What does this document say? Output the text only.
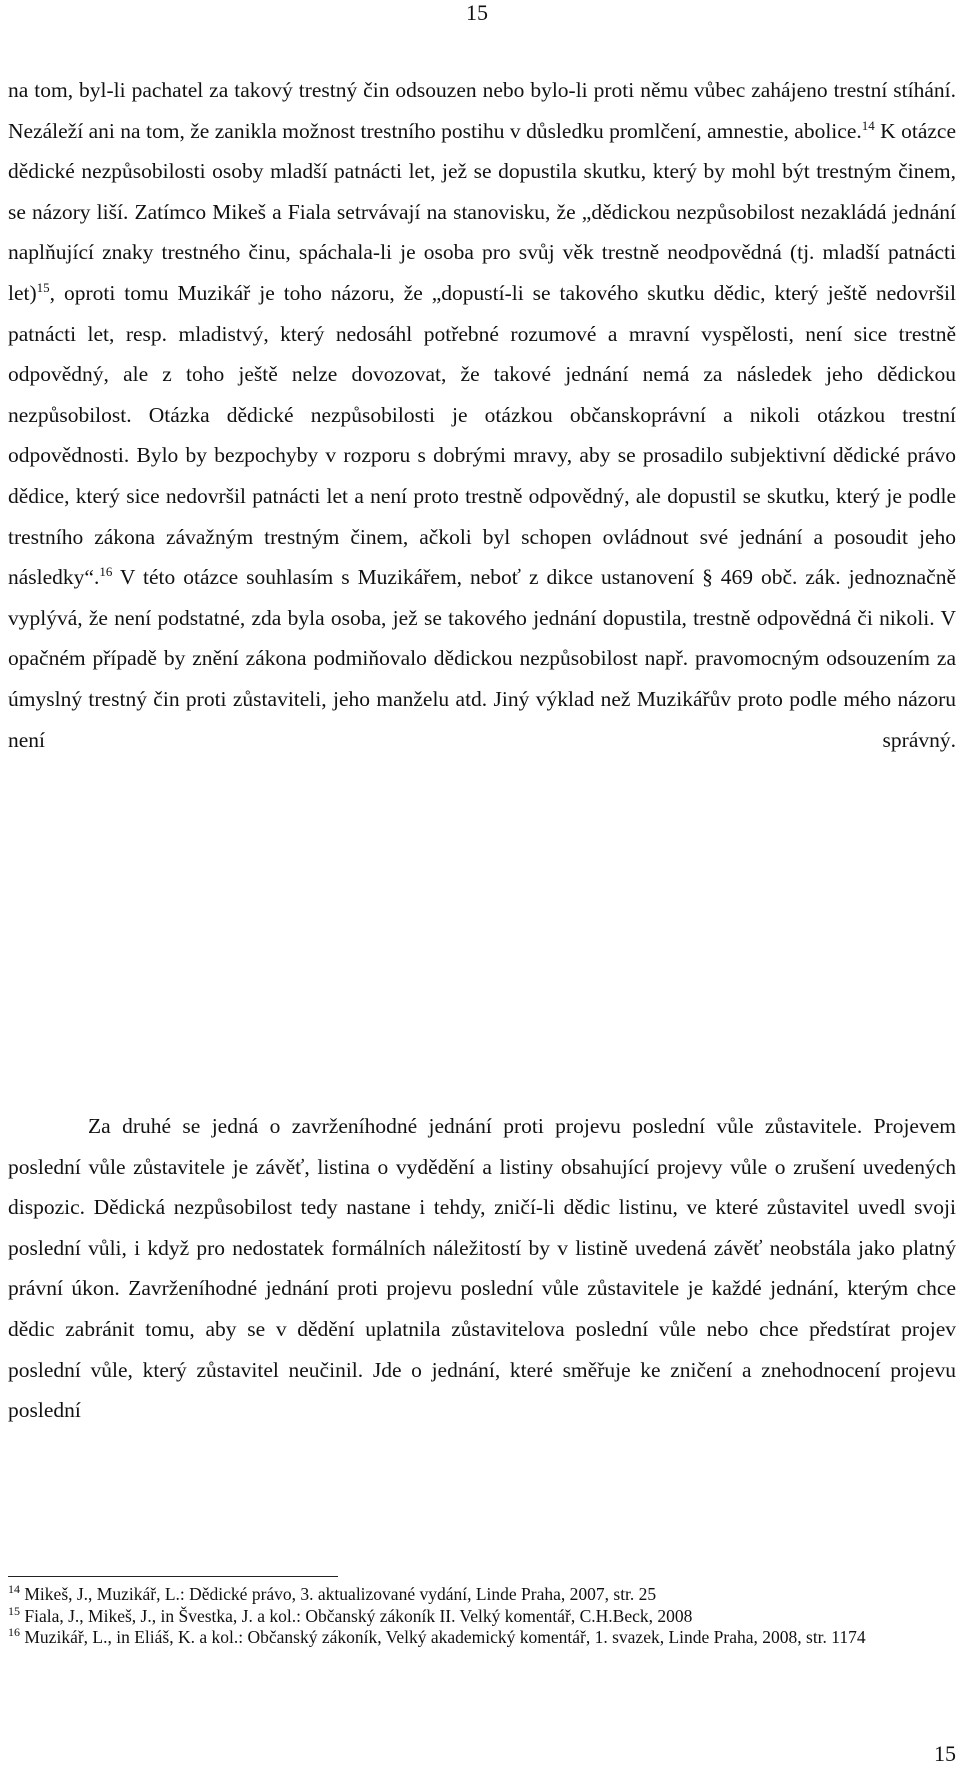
15
na tom, byl-li pachatel za takový trestný čin odsouzen nebo bylo-li proti němu vůbec zahájeno trestní stíhání. Nezáleží ani na tom, že zanikla možnost trestního postihu v důsledku promlčení, amnestie, abolice.$^{14}$ K otázce dědické nezpůsobilosti osoby mladší patnácti let, jež se dopustila skutku, který by mohl být trestným činem, se názory liší. Zatímco Mikeš a Fiala setrvávají na stanovisku, že „dědickou nezpůsobilost nezakládá jednání naplňující znaky trestného činu, spáchala-li je osoba pro svůj věk trestně neodpovědná (tj. mladší patnácti let)$^{15}$, oproti tomu Muzikář je toho názoru, že „dopustí-li se takového skutku dědic, který ještě nedovršil patnácti let, resp. mladistvý, který nedosáhl potřebné rozumové a mravní vyspělosti, není sice trestně odpovědný, ale z toho ještě nelze dovozovat, že takové jednání nemá za následek jeho dědickou nezpůsobilost. Otázka dědické nezpůsobilosti je otázkou občanskoprávní a nikoli otázkou trestní odpovědnosti. Bylo by bezpochyby v rozporu s dobrými mravy, aby se prosadilo subjektivní dědické právo dědice, který sice nedovršil patnácti let a není proto trestně odpovědný, ale dopustil se skutku, který je podle trestního zákona závažným trestným činem, ačkoli byl schopen ovládnout své jednání a posoudit jeho následky“.$^{16}$ V této otázce souhlasím s Muzikářem, neboť z dikce ustanovení § 469 obč. zák. jednoznačně vyplývá, že není podstatné, zda byla osoba, jež se takového jednání dopustila, trestně odpovědná či nikoli. V opačném případě by znění zákona podmiňovalo dědickou nezpůsobilost např. pravomocným odsouzením za úmyslný trestný čin proti zůstaviteli, jeho manželu atd. Jiný výklad než Muzikářův proto podle mého názoru není správný.
Za druhé se jedná o zavrženíhodné jednání proti projevu poslední vůle zůstavitele. Projevem poslední vůle zůstavitele je závěť, listina o vydědění a listiny obsahující projevy vůle o zrušení uvedených dispozic. Dědická nezpůsobilost tedy nastane i tehdy, zničí-li dědic listinu, ve které zůstavitel uvedl svoji poslední vůli, i když pro nedostatek formálních náležitostí by v listině uvedená závěť neobstála jako platný právní úkon. Zavrženíhodné jednání proti projevu poslední vůle zůstavitele je každé jednání, kterým chce dědic zabránit tomu, aby se v dědění uplatnila zůstavitelova poslední vůle nebo chce předstírat projev poslední vůle, který zůstavitel neučinil. Jde o jednání, které směřuje ke zničení a znehodnocení projevu poslední
$^{14}$ Mikeš, J., Muzikář, L.: Dědické právo, 3. aktualizované vydání, Linde Praha, 2007, str. 25
$^{15}$ Fiala, J., Mikeš, J., in Švestka, J. a kol.: Občanský zákoník II. Velký komentář, C.H.Beck, 2008
$^{16}$ Muzikář, L., in Eliáš, K. a kol.: Občanský zákoník, Velký akademický komentář, 1. svazek, Linde Praha, 2008, str. 1174
15
